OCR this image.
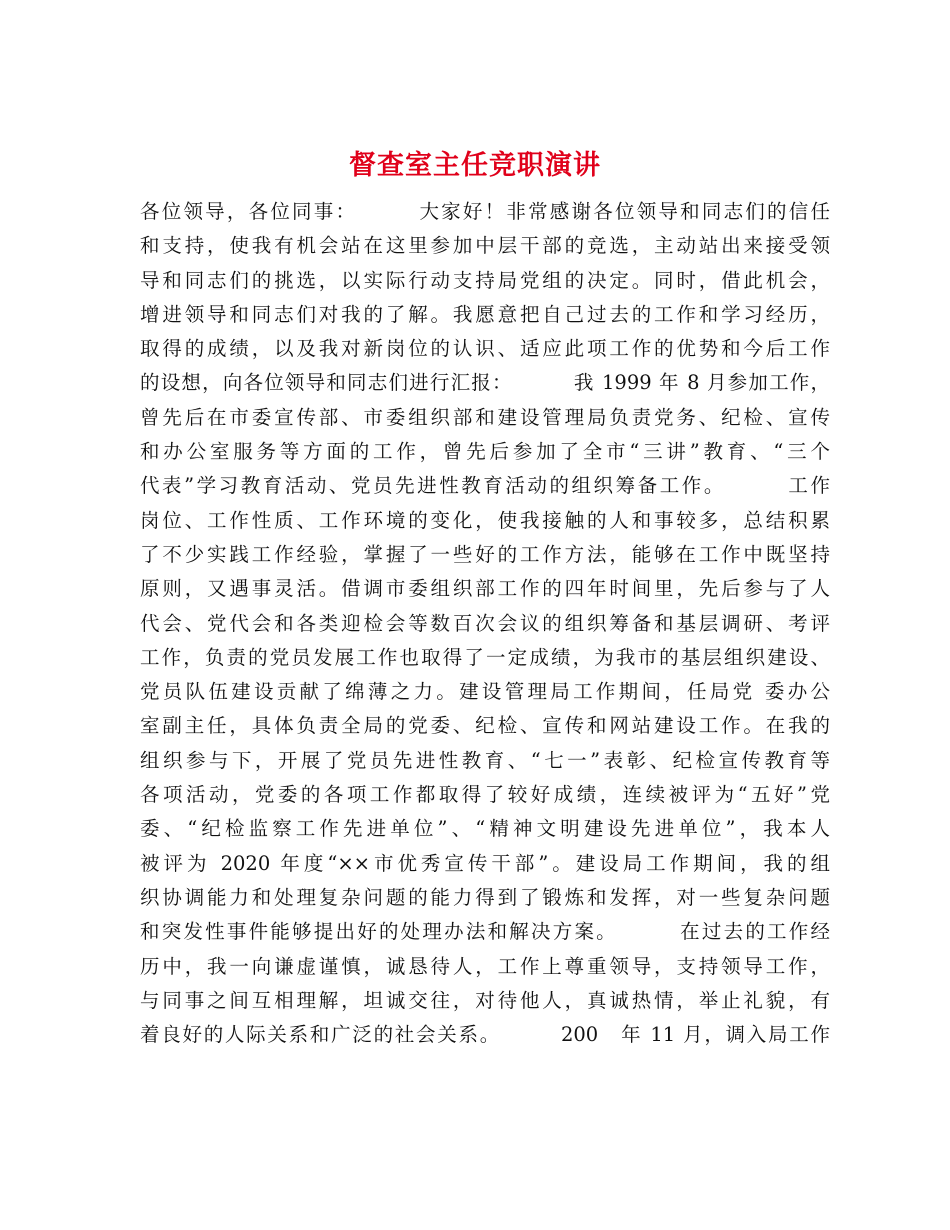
督查室主任竞职演讲
各位领导，各位同事：	大家好！非常感谢各位领导和同志们的信任
和支持，使我有机会站在这里参加中层干部的竞选，主动站出来接受领
导和同志们的挑选，以实际行动支持局党组的决定。同时，借此机会，
增进领导和同志们对我的了解。我愿意把自己过去的工作和学习经历，
取得的成绩，以及我对新岗位的认识、适应此项工作的优势和今后工作
的设想，向各位领导和同志们进行汇报：	我 1999 年 8 月参加工作，
曾先后在市委宣传部、市委组织部和建设管理局负责党务、纪检、宣传
和办公室服务等方面的工作，曾先后参加了全市“三讲”教育、“三个
代表”学习教育活动、党员先进性教育活动的组织筹备工作。	工作
岗位、工作性质、工作环境的变化，使我接触的人和事较多，总结积累
了不少实践工作经验，掌握了一些好的工作方法，能够在工作中既坚持
原则，又遇事灵活。借调市委组织部工作的四年时间里，先后参与了人
代会、党代会和各类迎检会等数百次会议的组织筹备和基层调研、考评
工作，负责的党员发展工作也取得了一定成绩，为我市的基层组织建设、
党员队伍建设贡献了绵薄之力。建设管理局工作期间，任局党 委办公
室副主任，具体负责全局的党委、纪检、宣传和网站建设工作。在我的
组织参与下，开展了党员先进性教育、“七一”表彰、纪检宣传教育等
各项活动，党委的各项工作都取得了较好成绩，连续被评为“五好”党
委、“纪检监察工作先进单位”、“精神文明建设先进单位”，我本人
被评为 2020 年度“××市优秀宣传干部”。建设局工作期间，我的组
织协调能力和处理复杂问题的能力得到了锻炼和发挥，对一些复杂问题
和突发性事件能够提出好的处理办法和解决方案。	在过去的工作经
历中，我一向谦虚谨慎，诚恳待人，工作上尊重领导，支持领导工作，
与同事之间互相理解，坦诚交往，对待他人，真诚热情，举止礼貌，有
着良好的人际关系和广泛的社会关系。	200　年 11 月，调入局工作
